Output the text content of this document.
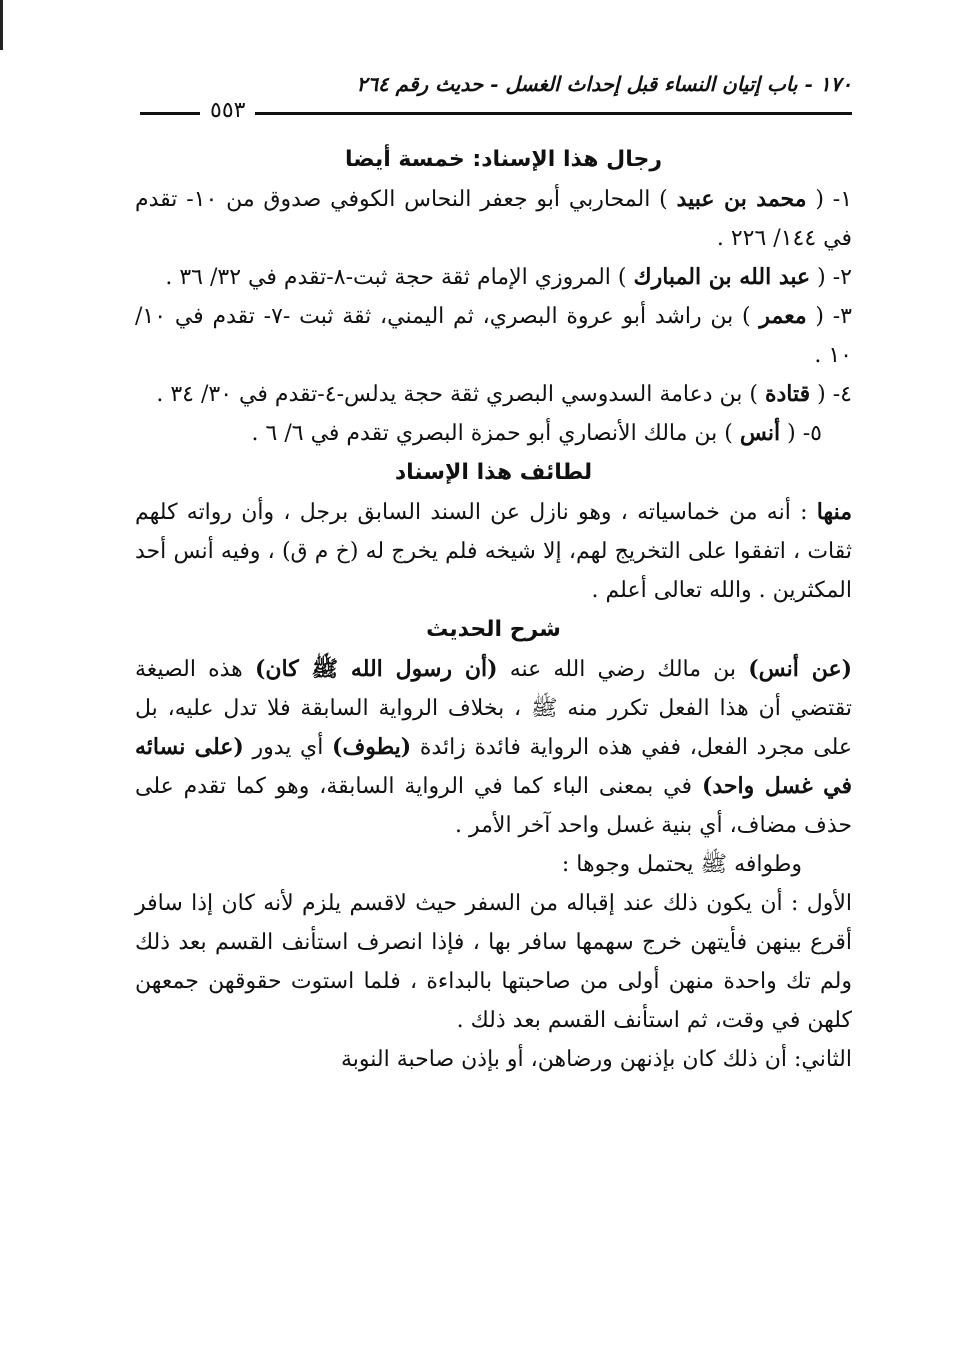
١٧٠ - باب إتيان النساء قبل إحداث الغسل - حديث رقم ٢٦٤
٥٥٣

رجال هذا الإسناد: خمسة أيضا

١- ( محمد بن عبيد ) المحاربي أبو جعفر النحاس الكوفي صدوق من ١٠- تقدم في ١٤٤/ ٢٢٦ .

٢- ( عبد الله بن المبارك ) المروزي الإمام ثقة حجة ثبت-٨-تقدم في ٣٢/ ٣٦ .

٣- ( معمر ) بن راشد أبو عروة البصري، ثم اليمني، ثقة ثبت -٧- تقدم في ١٠/ ١٠ .

٤- ( قتادة ) بن دعامة السدوسي البصري ثقة حجة يدلس-٤-تقدم في ٣٠/ ٣٤ .

٥- ( أنس ) بن مالك الأنصاري أبو حمزة البصري تقدم في ٦/ ٦ .

لطائف هذا الإسناد

منها : أنه من خماسياته ، وهو نازل عن السند السابق برجل ، وأن رواته كلهم ثقات ، اتفقوا على التخريج لهم، إلا شيخه فلم يخرج له (خ م ق) ، وفيه أنس أحد المكثرين . والله تعالى أعلم .

شرح الحديث

(عن أنس) بن مالك رضي الله عنه (أن رسول الله ﷺ كان) هذه الصيغة تقتضي أن هذا الفعل تكرر منه ﷺ ، بخلاف الرواية السابقة فلا تدل عليه، بل على مجرد الفعل، ففي هذه الرواية فائدة زائدة (يطوف) أي يدور (على نسائه في غسل واحد) في بمعنى الباء كما في الرواية السابقة، وهو كما تقدم على حذف مضاف، أي بنية غسل واحد آخر الأمر .

وطوافه ﷺ يحتمل وجوها :

الأول : أن يكون ذلك عند إقباله من السفر حيث لاقسم يلزم لأنه كان إذا سافر أقرع بينهن فأيتهن خرج سهمها سافر بها ، فإذا انصرف استأنف القسم بعد ذلك ولم تك واحدة منهن أولى من صاحبتها بالبداءة ، فلما استوت حقوقهن جمعهن كلهن في وقت، ثم استأنف القسم بعد ذلك .

الثاني: أن ذلك كان بإذنهن ورضاهن، أو بإذن صاحبة النوبة
